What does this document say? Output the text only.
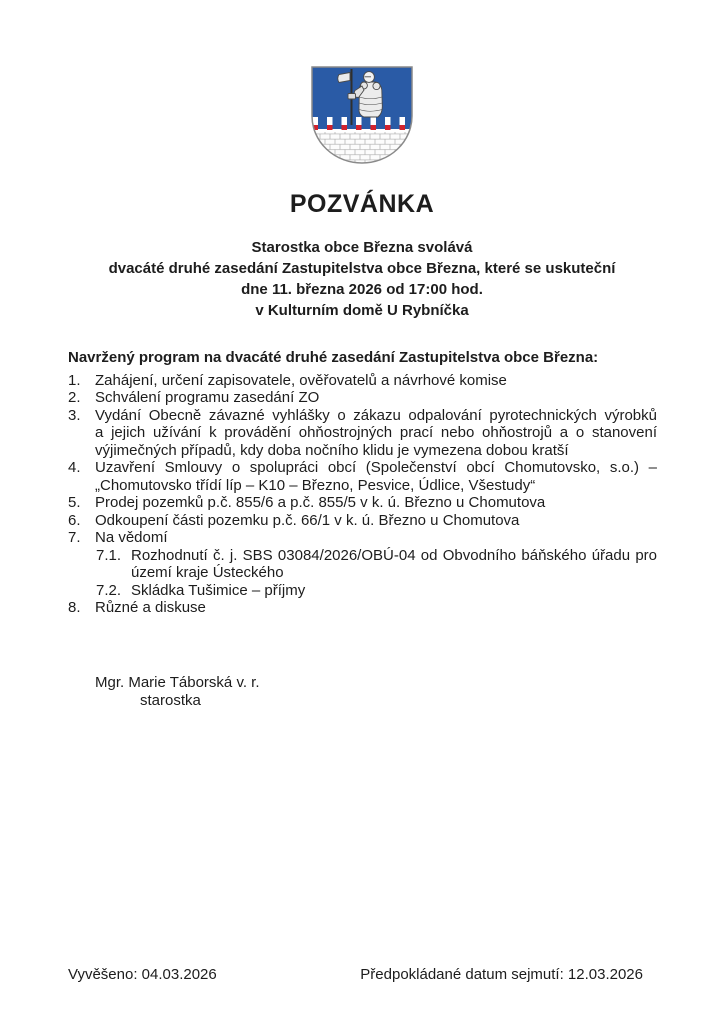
POZVÁNKA
Starostka obce Března svolává
dvacáté druhé zasedání Zastupitelstva obce Března, které se uskuteční
dne 11. března 2026 od 17:00 hod.
v Kulturním domě U Rybníčka
Navržený program na dvacáté druhé zasedání Zastupitelstva obce Března:
1. Zahájení, určení zapisovatele, ověřovatelů a návrhové komise
2. Schválení programu zasedání ZO
3. Vydání Obecně závazné vyhlášky o zákazu odpalování pyrotechnických výrobků
a jejich užívání k provádění ohňostrojných prací nebo ohňostrojů a o stanovení
výjimečných případů, kdy doba nočního klidu je vymezena dobou kratší
4. Uzavření Smlouvy o spolupráci obcí (Společenství obcí Chomutovsko, s.o.) –
„Chomutovsko třídí líp – K10 – Březno, Pesvice, Údlice, Všestudy“
5. Prodej pozemků p.č. 855/6 a p.č. 855/5 v k. ú. Březno u Chomutova
6. Odkoupení části pozemku p.č. 66/1 v k. ú. Březno u Chomutova
7. Na vědomí
7.1. Rozhodnutí č. j. SBS 03084/2026/OBÚ-04 od Obvodního báňského úřadu pro
území kraje Ústeckého
7.2. Skládka Tušimice – příjmy
8. Různé a diskuse
Mgr. Marie Táborská v. r.
starostka
Vyvěšeno: 04.03.2026	Předpokládané datum sejmutí: 12.03.2026
